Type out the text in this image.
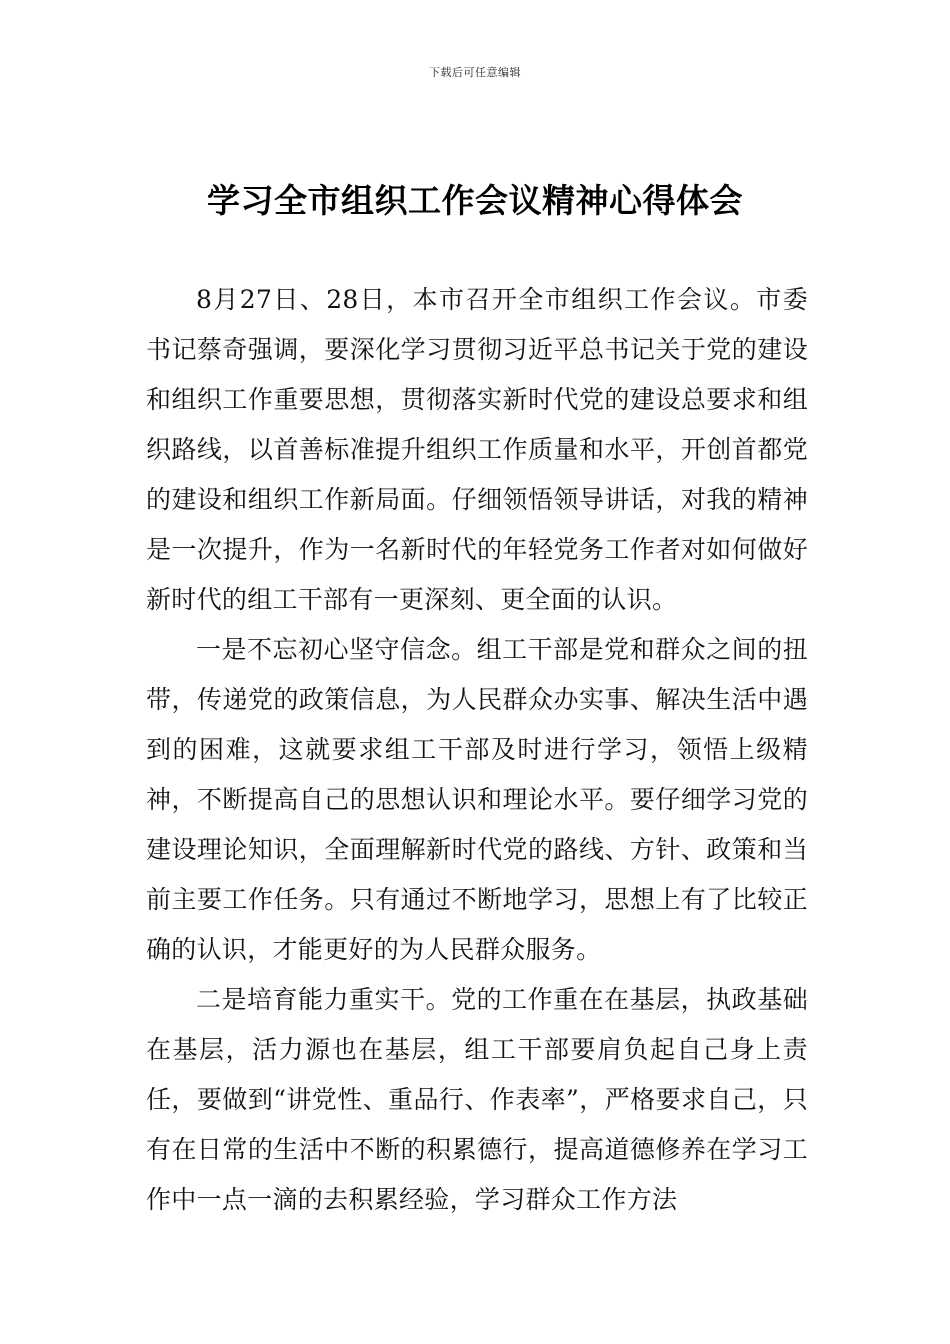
下载后可任意编辑
学习全市组织工作会议精神心得体会

8月27日、28日，本市召开全市组织工作会议。市委书记蔡奇强调，要深化学习贯彻习近平总书记关于党的建设和组织工作重要思想，贯彻落实新时代党的建设总要求和组织路线，以首善标准提升组织工作质量和水平，开创首都党的建设和组织工作新局面。仔细领悟领导讲话，对我的精神是一次提升，作为一名新时代的年轻党务工作者对如何做好新时代的组工干部有一更深刻、更全面的认识。

一是不忘初心坚守信念。组工干部是党和群众之间的扭带，传递党的政策信息，为人民群众办实事、解决生活中遇到的困难，这就要求组工干部及时进行学习，领悟上级精神，不断提高自己的思想认识和理论水平。要仔细学习党的建设理论知识，全面理解新时代党的路线、方针、政策和当前主要工作任务。只有通过不断地学习，思想上有了比较正确的认识，才能更好的为人民群众服务。

二是培育能力重实干。党的工作重在在基层，执政基础在基层，活力源也在基层，组工干部要肩负起自己身上责任，要做到“讲党性、重品行、作表率”，严格要求自己，只有在日常的生活中不断的积累德行，提高道德修养在学习工作中一点一滴的去积累经验，学习群众工作方法
